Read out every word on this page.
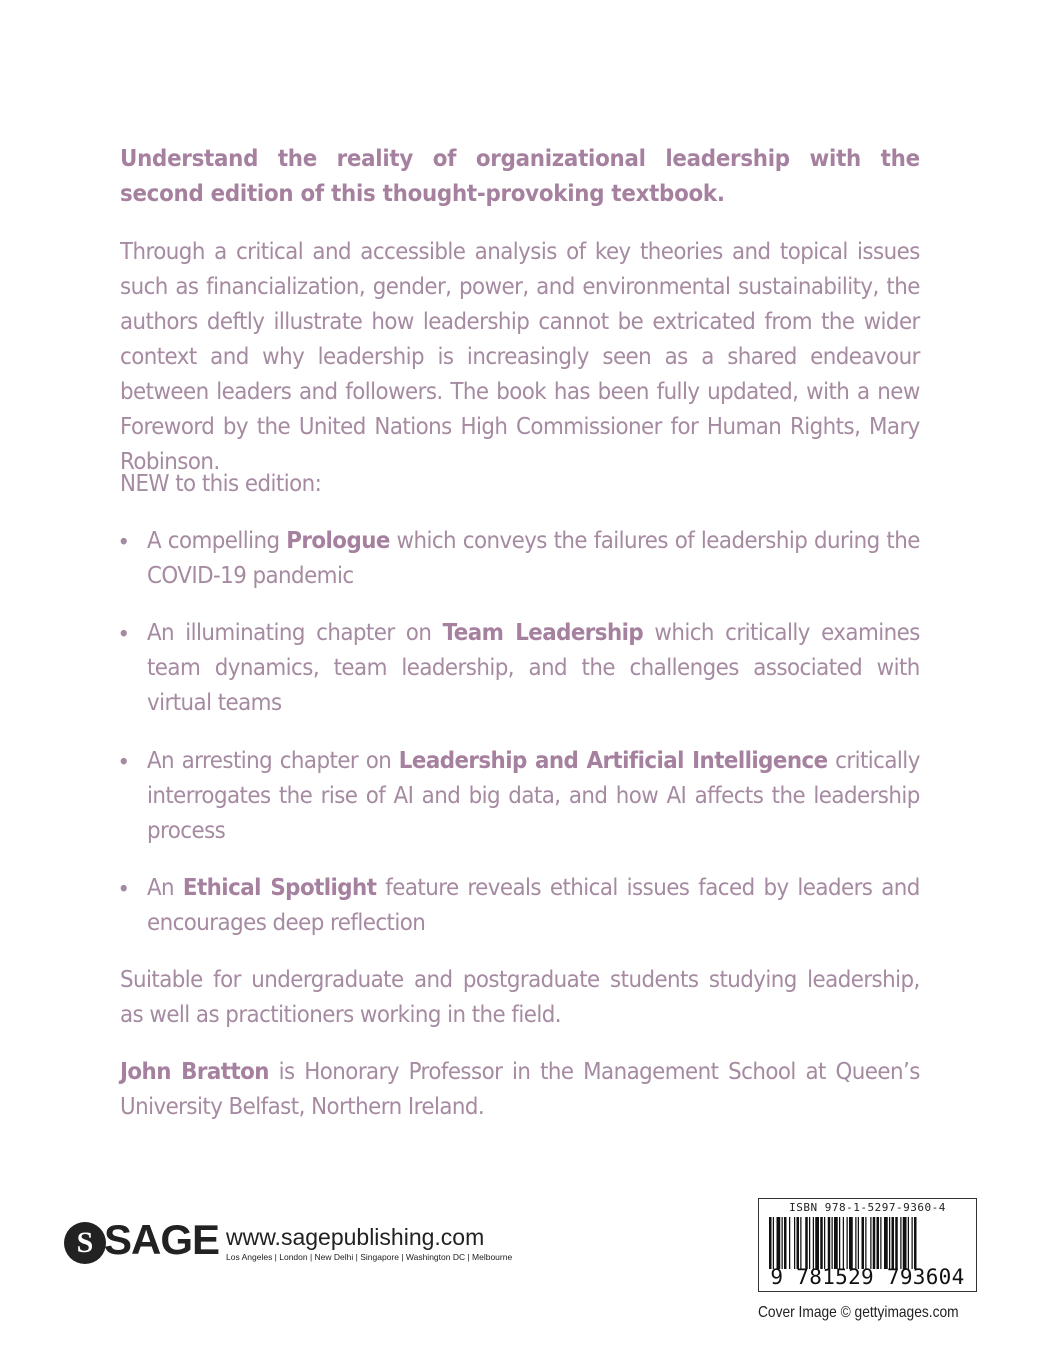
Understand the reality of organizational leadership with the second edition of this thought-provoking textbook.
Through a critical and accessible analysis of key theories and topical issues such as financialization, gender, power, and environmental sustainability, the authors deftly illustrate how leadership cannot be extricated from the wider context and why leadership is increasingly seen as a shared endeavour between leaders and followers. The book has been fully updated, with a new Foreword by the United Nations High Commissioner for Human Rights, Mary Robinson.
NEW to this edition:
• A compelling Prologue which conveys the failures of leadership during the COVID-19 pandemic
• An illuminating chapter on Team Leadership which critically examines team dynamics, team leadership, and the challenges associated with virtual teams
• An arresting chapter on Leadership and Artificial Intelligence critically interrogates the rise of AI and big data, and how AI affects the leadership process
• An Ethical Spotlight feature reveals ethical issues faced by leaders and encourages deep reflection
Suitable for undergraduate and postgraduate students studying leadership, as well as practitioners working in the field.
John Bratton is Honorary Professor in the Management School at Queen’s University Belfast, Northern Ireland.
S SAGE www.sagepublishing.com
Los Angeles | London | New Delhi | Singapore | Washington DC | Melbourne
ISBN 978-1-5297-9360-4
9 781529 793604
Cover Image © gettyimages.com
